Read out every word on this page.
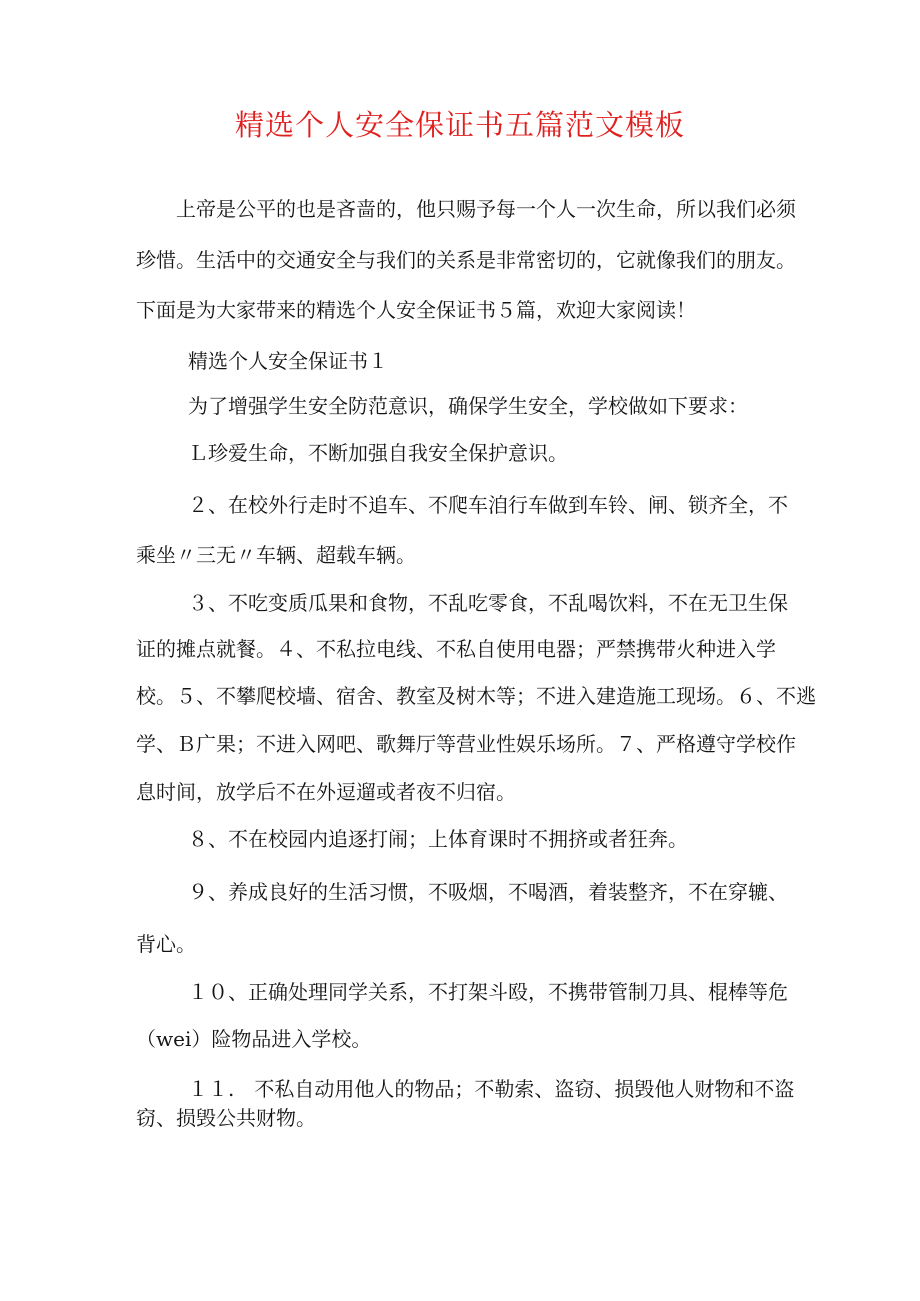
精选个人安全保证书五篇范文模板
上帝是公平的也是吝啬的，他只赐予每一个人一次生命，所以我们必须
珍惜。生活中的交通安全与我们的关系是非常密切的，它就像我们的朋友。
下面是为大家带来的精选个人安全保证书５篇，欢迎大家阅读！
精选个人安全保证书１
为了增强学生安全防范意识，确保学生安全，学校做如下要求：
Ｌ珍爱生命，不断加强自我安全保护意识。
２、在校外行走时不追车、不爬车洎行车做到车铃、闸、锁齐全，不
乘坐〃三无〃车辆、超载车辆。
３、不吃变质瓜果和食物，不乱吃零食，不乱喝饮料，不在无卫生保
证的摊点就餐。４、不私拉电线、不私自使用电器；严禁携带火种进入学
校。５、不攀爬校墙、宿舍、教室及树木等；不进入建造施工现场。６、不逃
学、Ｂ广果；不进入网吧、歌舞厅等营业性娱乐场所。７、严格遵守学校作
息时间，放学后不在外逗遛或者夜不归宿。
８、不在校园内追逐打闹；上体育课时不拥挤或者狂奔。
９、养成良好的生活习惯，不吸烟，不喝酒，着装整齐，不在穿辘、
背心。
１０、正确处理同学关系，不打架斗殴，不携带管制刀具、棍棒等危
（wei）险物品进入学校。
１１.　不私自动用他人的物品；不勒索、盗窃、损毁他人财物和不盗
窃、损毁公共财物。
